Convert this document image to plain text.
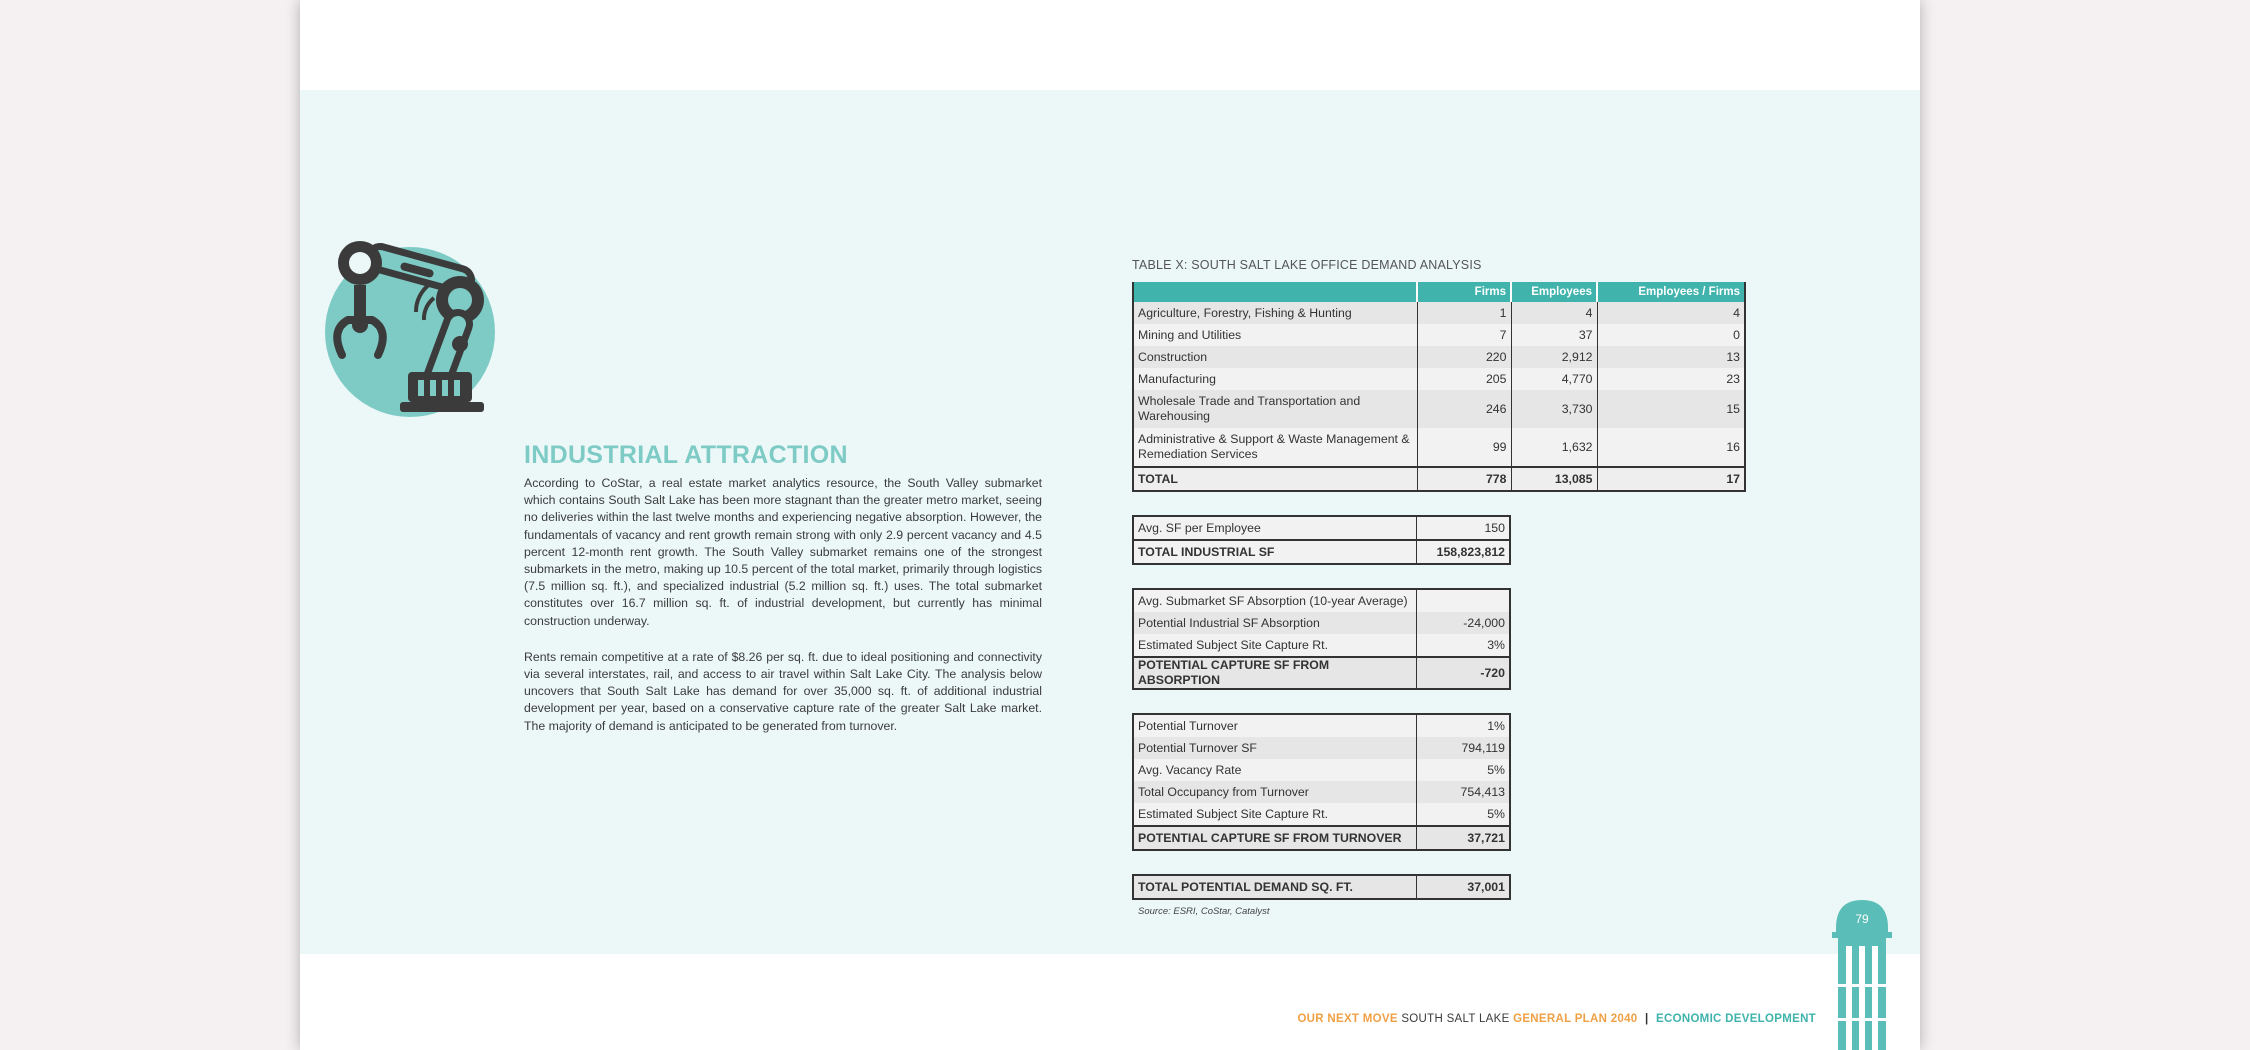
INDUSTRIAL ATTRACTION

According to CoStar, a real estate market analytics resource, the South Valley submarket which contains South Salt Lake has been more stagnant than the greater metro market, seeing no deliveries within the last twelve months and experiencing negative absorption. However, the fundamentals of vacancy and rent growth remain strong with only 2.9 percent vacancy and 4.5 percent 12-month rent growth. The South Valley submarket remains one of the strongest submarkets in the metro, making up 10.5 percent of the total market, primarily through logistics (7.5 million sq. ft.), and specialized industrial (5.2 million sq. ft.) uses. The total submarket constitutes over 16.7 million sq. ft. of industrial development, but currently has minimal construction underway.

Rents remain competitive at a rate of $8.26 per sq. ft. due to ideal positioning and connectivity via several interstates, rail, and access to air travel within Salt Lake City. The analysis below uncovers that South Salt Lake has demand for over 35,000 sq. ft. of additional industrial development per year, based on a conservative capture rate of the greater Salt Lake market. The majority of demand is anticipated to be generated from turnover.

TABLE X: SOUTH SALT LAKE OFFICE DEMAND ANALYSIS
	Firms	Employees	Employees / Firms
Agriculture, Forestry, Fishing & Hunting	1	4	4
Mining and Utilities	7	37	0
Construction	220	2,912	13
Manufacturing	205	4,770	23
Wholesale Trade and Transportation and Warehousing	246	3,730	15
Administrative & Support & Waste Management & Remediation Services	99	1,632	16
TOTAL	778	13,085	17
Avg. SF per Employee	150
TOTAL INDUSTRIAL SF	158,823,812
Avg. Submarket SF Absorption (10-year Average)	
Potential Industrial SF Absorption	-24,000
Estimated Subject Site Capture Rt.	3%
POTENTIAL CAPTURE SF FROM ABSORPTION	-720
Potential Turnover	1%
Potential Turnover SF	794,119
Avg. Vacancy Rate	5%
Total Occupancy from Turnover	754,413
Estimated Subject Site Capture Rt.	5%
POTENTIAL CAPTURE SF FROM TURNOVER	37,721
TOTAL POTENTIAL DEMAND SQ. FT.	37,001
Source: ESRI, CoStar, Catalyst
OUR NEXT MOVE SOUTH SALT LAKE GENERAL PLAN 2040 | ECONOMIC DEVELOPMENT
79
